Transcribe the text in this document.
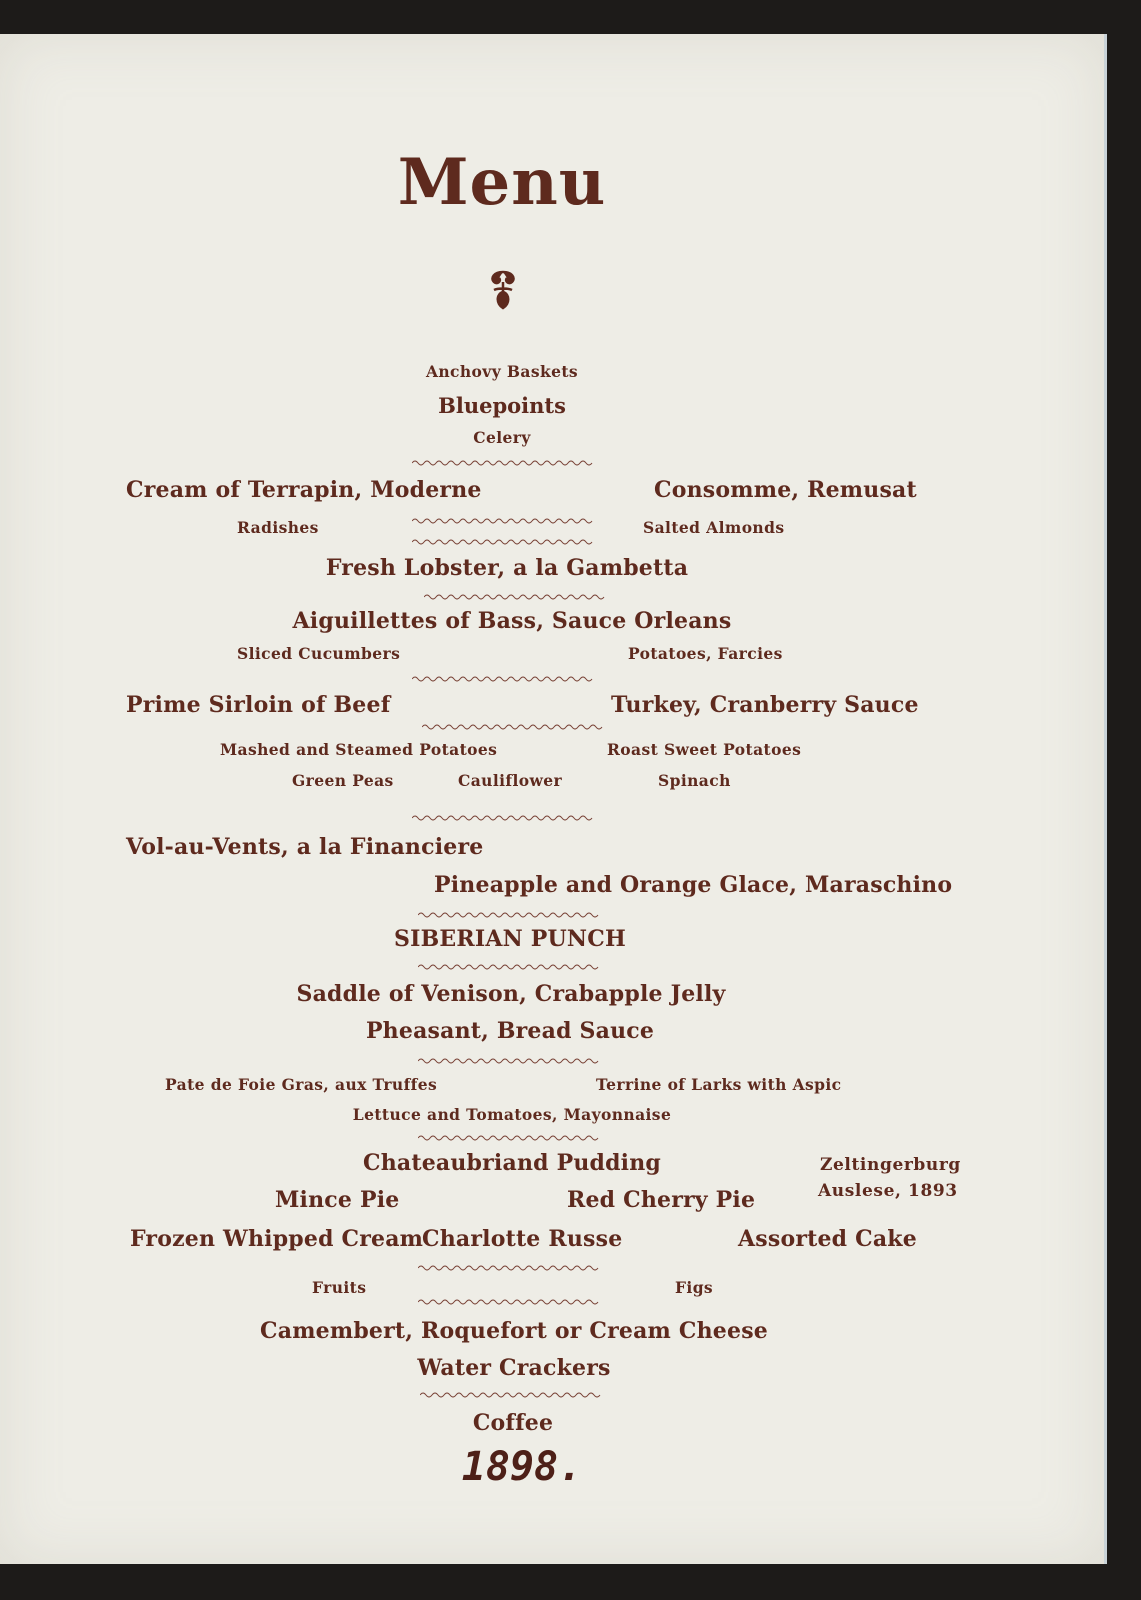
Menu
Anchovy Baskets
Bluepoints
Celery
Cream of Terrapin, Moderne	Consomme, Remusat
Radishes	Salted Almonds
Fresh Lobster, a la Gambetta
Aiguillettes of Bass, Sauce Orleans
Sliced Cucumbers	Potatoes, Farcies
Prime Sirloin of Beef	Turkey, Cranberry Sauce
Mashed and Steamed Potatoes	Roast Sweet Potatoes
Green Peas	Cauliflower	Spinach
Vol-au-Vents, a la Financiere
Pineapple and Orange Glace, Maraschino
SIBERIAN PUNCH
Saddle of Venison, Crabapple Jelly
Pheasant, Bread Sauce
Pate de Foie Gras, aux Truffes	Terrine of Larks with Aspic
Lettuce and Tomatoes, Mayonnaise
Chateaubriand Pudding	Zeltingerburg
Auslese, 1893
Mince Pie	Red Cherry Pie
Frozen Whipped Cream
Charlotte Russe	Assorted Cake
Fruits	Figs
Camembert, Roquefort or Cream Cheese
Water Crackers
Coffee
1898.
